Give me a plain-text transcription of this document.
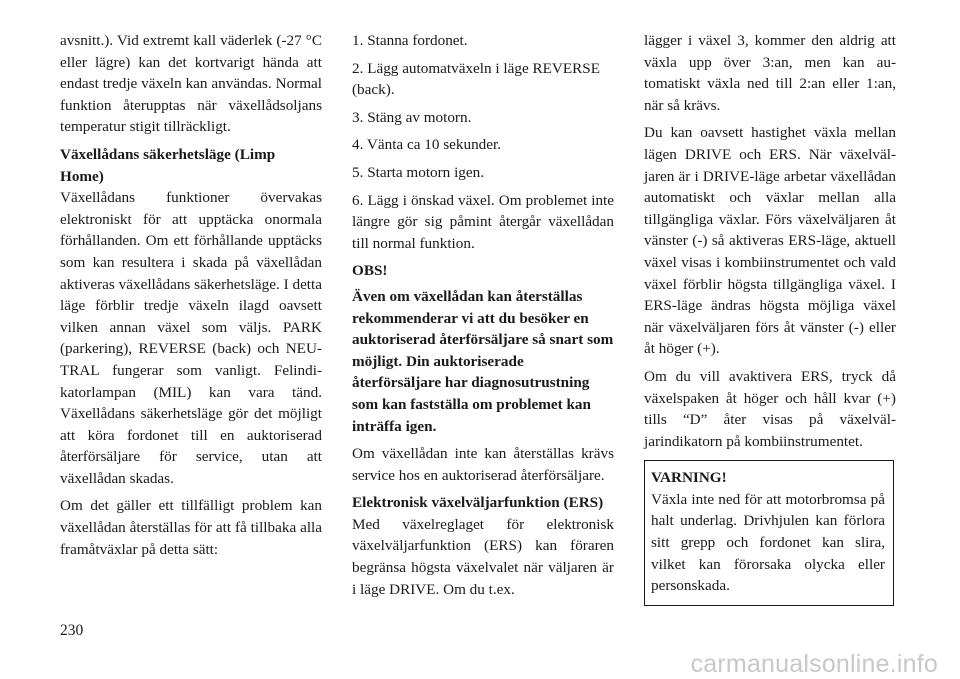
avsnitt.). Vid extremt kall väderlek (-27 °C eller lägre) kan det kortvarigt hända att endast tredje växeln kan användas. Normal funktion återupptas när växellådsoljans temperatur stigit tillräckligt.

Växellådans säkerhetsläge (Limp Home)

Växellådans funktioner övervakas elektroniskt för att upptäcka onormala förhållanden. Om ett förhållande upptäcks som kan resultera i skada på växellådan aktiveras växellådans säkerhetsläge. I detta läge förblir tredje växeln ilagd oavsett vilken annan växel som väljs. PARK (parkering), REVERSE (back) och NEUTRAL fungerar som vanligt. Felindikatorlampan (MIL) kan vara tänd. Växellådans säkerhetsläge gör det möjligt att köra fordonet till en auktoriserad återförsäljare för service, utan att växellådan skadas.

Om det gäller ett tillfälligt problem kan växellådan återställas för att få tillbaka alla framåtväxlar på detta sätt:

1. Stanna fordonet.
2. Lägg automatväxeln i läge REVERSE (back).
3. Stäng av motorn.
4. Vänta ca 10 sekunder.
5. Starta motorn igen.
6. Lägg i önskad växel. Om problemet inte längre gör sig påmint återgår växellådan till normal funktion.
OBS!

Även om växellådan kan återställas rekommenderar vi att du besöker en auktoriserad återförsäljare så snart som möjligt. Din auktoriserade återförsäljare har diagnosutrustning som kan fastställa om problemet kan inträffa igen.

Om växellådan inte kan återställas krävs service hos en auktoriserad återförsäljare.

Elektronisk växelväljarfunktion (ERS)

Med växelreglaget för elektronisk växelväljarfunktion (ERS) kan föraren begränsa högsta växelvalet när väljaren är i läge DRIVE. Om du t.ex.

lägger i växel 3, kommer den aldrig att växla upp över 3:an, men kan automatiskt växla ned till 2:an eller 1:an, när så krävs.

Du kan oavsett hastighet växla mellan lägen DRIVE och ERS. När växelväljaren är i DRIVE-läge arbetar växellådan automatiskt och växlar mellan alla tillgängliga växlar. Förs växelväljaren åt vänster (-) så aktiveras ERS-läge, aktuell växel visas i kombiinstrumentet och vald växel förblir högsta tillgängliga växel. I ERS-läge ändras högsta möjliga växel när växelväljaren förs åt vänster (-) eller åt höger (+).

Om du vill avaktivera ERS, tryck då växelspaken åt höger och håll kvar (+) tills “D” åter visas på växelväljarindikatorn på kombiinstrumentet.

VARNING!
Växla inte ned för att motorbromsa på halt underlag. Drivhjulen kan förlora sitt grepp och fordonet kan slira, vilket kan förorsaka olycka eller personskada.
230
carmanualsonline.info
